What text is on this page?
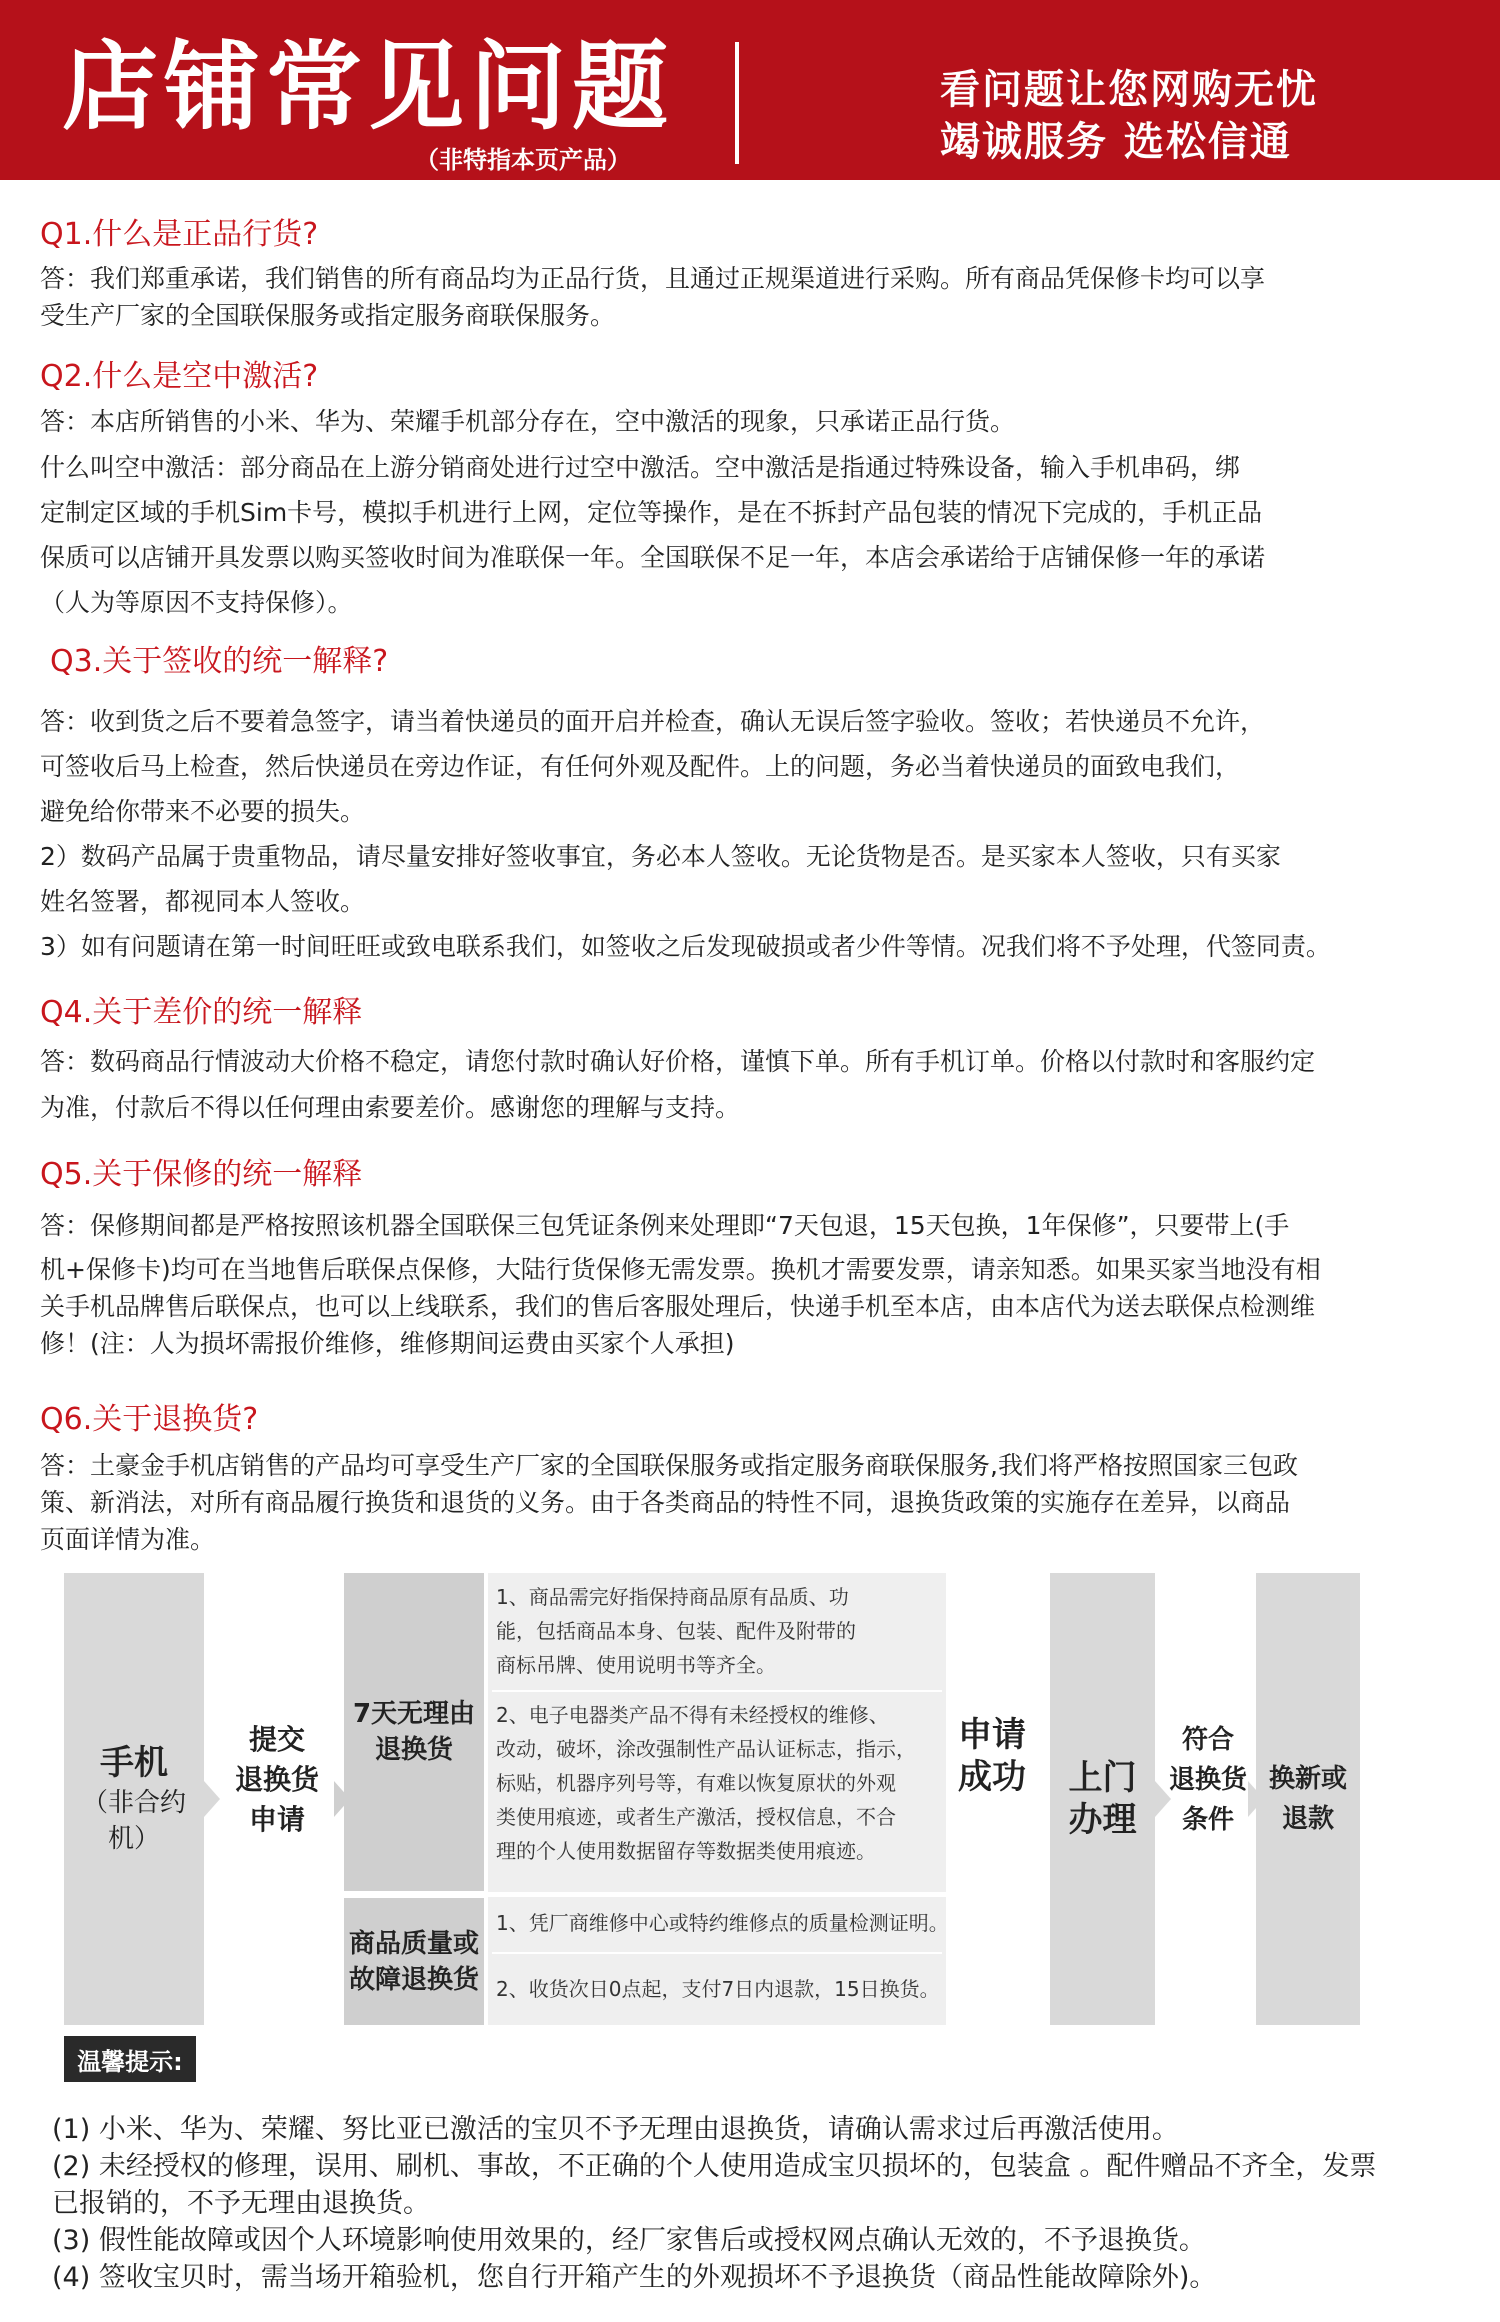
店铺常见问题
（非特指本页产品）
看问题让您网购无忧
竭诚服务 选松信通
Q1.什么是正品行货?
答：我们郑重承诺，我们销售的所有商品均为正品行货，且通过正规渠道进行采购。所有商品凭保修卡均可以享
受生产厂家的全国联保服务或指定服务商联保服务。
Q2.什么是空中激活?
答：本店所销售的小米、华为、荣耀手机部分存在，空中激活的现象，只承诺正品行货。
什么叫空中激活：部分商品在上游分销商处进行过空中激活。空中激活是指通过特殊设备，输入手机串码，绑
定制定区域的手机Sim卡号，模拟手机进行上网，定位等操作，是在不拆封产品包装的情况下完成的，手机正品
保质可以店铺开具发票以购买签收时间为准联保一年。全国联保不足一年，本店会承诺给于店铺保修一年的承诺
（人为等原因不支持保修）。
Q3.关于签收的统一解释?
答：收到货之后不要着急签字，请当着快递员的面开启并检查，确认无误后签字验收。签收；若快递员不允许，
可签收后马上检查，然后快递员在旁边作证，有任何外观及配件。上的问题，务必当着快递员的面致电我们，
避免给你带来不必要的损失。
2）数码产品属于贵重物品，请尽量安排好签收事宜，务必本人签收。无论货物是否。是买家本人签收，只有买家
姓名签署，都视同本人签收。
3）如有问题请在第一时间旺旺或致电联系我们，如签收之后发现破损或者少件等情。况我们将不予处理，代签同责。
Q4.关于差价的统一解释
答：数码商品行情波动大价格不稳定，请您付款时确认好价格，谨慎下单。所有手机订单。价格以付款时和客服约定
为准，付款后不得以任何理由索要差价。感谢您的理解与支持。
Q5.关于保修的统一解释
答：保修期间都是严格按照该机器全国联保三包凭证条例来处理即“7天包退，15天包换，1年保修”，只要带上(手
机+保修卡)均可在当地售后联保点保修，大陆行货保修无需发票。换机才需要发票，请亲知悉。如果买家当地没有相
关手机品牌售后联保点，也可以上线联系，我们的售后客服处理后，快递手机至本店，由本店代为送去联保点检测维
修！(注：人为损坏需报价维修，维修期间运费由买家个人承担)
Q6.关于退换货?
答：土豪金手机店销售的产品均可享受生产厂家的全国联保服务或指定服务商联保服务,我们将严格按照国家三包政
策、新消法，对所有商品履行换货和退货的义务。由于各类商品的特性不同，退换货政策的实施存在差异，以商品
页面详情为准。
手机
（非合约机）
提交
退换货
申请
7天无理由
退换货
商品质量或
故障退换货
1、商品需完好指保持商品原有品质、功
能，包括商品本身、包装、配件及附带的
商标吊牌、使用说明书等齐全。
2、电子电器类产品不得有未经授权的维修、
改动，破坏，涂改强制性产品认证标志，指示，
标贴，机器序列号等，有难以恢复原状的外观
类使用痕迹，或者生产激活，授权信息，不合
理的个人使用数据留存等数据类使用痕迹。
1、凭厂商维修中心或特约维修点的质量检测证明。
2、收货次日0点起，支付7日内退款，15日换货。
申请
成功 上门
办理
符合
退换货
条件
换新或
退款
温馨提示:
(1) 小米、华为、荣耀、努比亚已激活的宝贝不予无理由退换货，请确认需求过后再激活使用。
(2) 未经授权的修理，误用、刷机、事故，不正确的个人使用造成宝贝损坏的，包装盒 。配件赠品不齐全，发票
已报销的，不予无理由退换货。
(3) 假性能故障或因个人环境影响使用效果的，经厂家售后或授权网点确认无效的，不予退换货。
(4) 签收宝贝时，需当场开箱验机，您自行开箱产生的外观损坏不予退换货（商品性能故障除外)。
